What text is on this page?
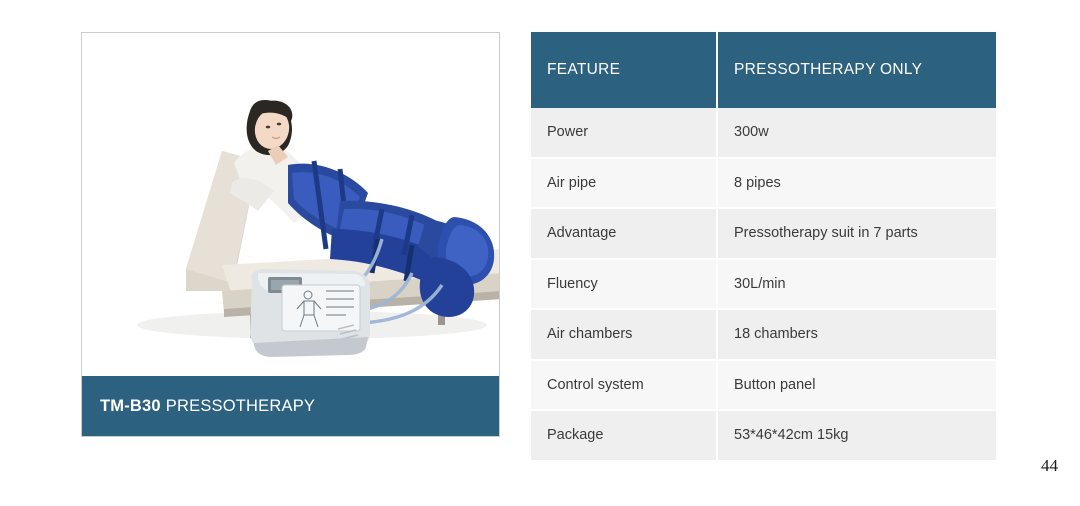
TM-B30 PRESSOTHERAPY
FEATURE	PRESSOTHERAPY ONLY
Power	300w
Air pipe	8 pipes
Advantage	Pressotherapy suit in 7 parts
Fluency	30L/min
Air chambers	18 chambers
Control system	Button panel
Package	53*46*42cm 15kg
44
